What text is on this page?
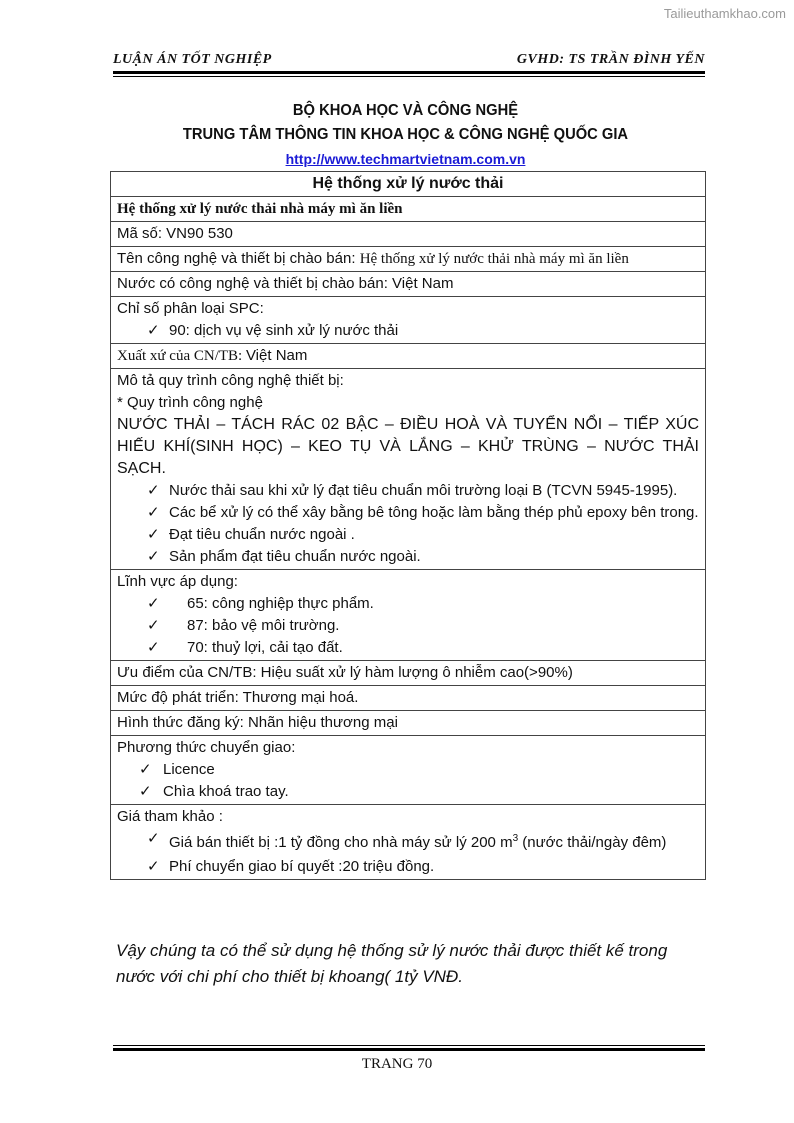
Tailieuthamkhao.com
LUẬN ÁN TỐT NGHIỆP	GVHD: TS TRẦN ĐÌNH YẾN
BỘ KHOA HỌC VÀ CÔNG NGHỆ
TRUNG TÂM THÔNG TIN KHOA HỌC & CÔNG NGHỆ QUỐC GIA
http://www.techmartvietnam.com.vn
Hệ thống xử lý nước thải
Hệ thống xử lý nước thải nhà máy mì ăn liền
Mã số: VN90 530
Tên công nghệ và thiết bị chào bán: Hệ thống xử lý nước thải nhà máy mì ăn liền
Nước có công nghệ và thiết bị chào bán: Việt Nam

Chỉ số phân loại SPC:
✓ 90: dịch vụ vệ sinh xử lý nước thải

Xuất xứ của CN/TB: Việt Nam

Mô tả quy trình công nghệ thiết bị:
* Quy trình công nghệ
NƯỚC THẢI – TÁCH RÁC 02 BẬC – ĐIỀU HOÀ VÀ TUYỂN NỔI – TIẾP XÚC HIẾU KHÍ(SINH HỌC) – KEO TỤ VÀ LẮNG – KHỬ TRÙNG – NƯỚC THẢI SẠCH.
✓ Nước thải sau khi xử lý đạt tiêu chuẩn môi trường loại B (TCVN 5945-1995).
✓ Các bể xử lý có thể xây bằng bê tông hoặc làm bằng thép phủ epoxy bên trong.
✓ Đạt tiêu chuẩn nước ngoài .
✓ Sản phẩm đạt tiêu chuẩn nước ngoài.

Lĩnh vực áp dụng:
✓	65: công nghiệp thực phẩm.
✓	87: bảo vệ môi trường.
✓	70: thuỷ lợi, cải tạo đất.

Ưu điểm của CN/TB: Hiệu suất xử lý hàm lượng ô nhiễm cao(>90%)
Mức độ phát triển: Thương mại hoá.
Hình thức đăng ký: Nhãn hiệu thương mại

Phương thức chuyển giao:
✓ Licence
✓ Chìa khoá trao tay.

Giá tham khảo :
✓ Giá bán thiết bị :1 tỷ đồng cho nhà máy sử lý 200 $m^3$ (nước thải/ngày đêm)
✓ Phí chuyển giao bí quyết :20 triệu đồng.
Vậy chúng ta có thể sử dụng hệ thống sử lý nước thải được thiết kế trong nước với chi phí cho thiết bị khoang( 1tỷ VNĐ.
TRANG 70
